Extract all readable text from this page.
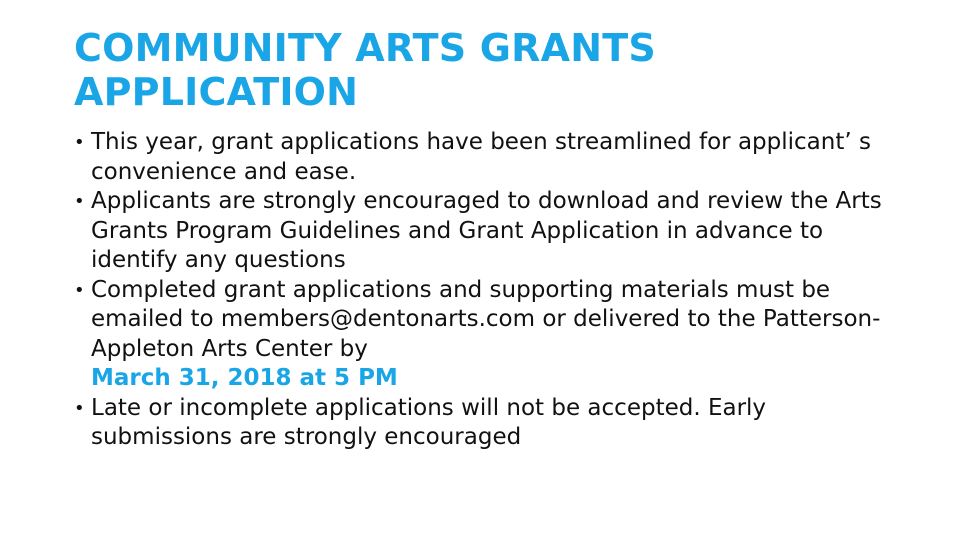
COMMUNITY ARTS GRANTS
APPLICATION
• This year, grant applications have been streamlined for applicant’ s convenience and ease.
• Applicants are strongly encouraged to download and review the Arts Grants Program Guidelines and Grant Application in advance to identify any questions
• Completed grant applications and supporting materials must be emailed to members@dentonarts.com or delivered to the Patterson-Appleton Arts Center by
March 31, 2018 at 5 PM
• Late or incomplete applications will not be accepted. Early submissions are strongly encouraged
